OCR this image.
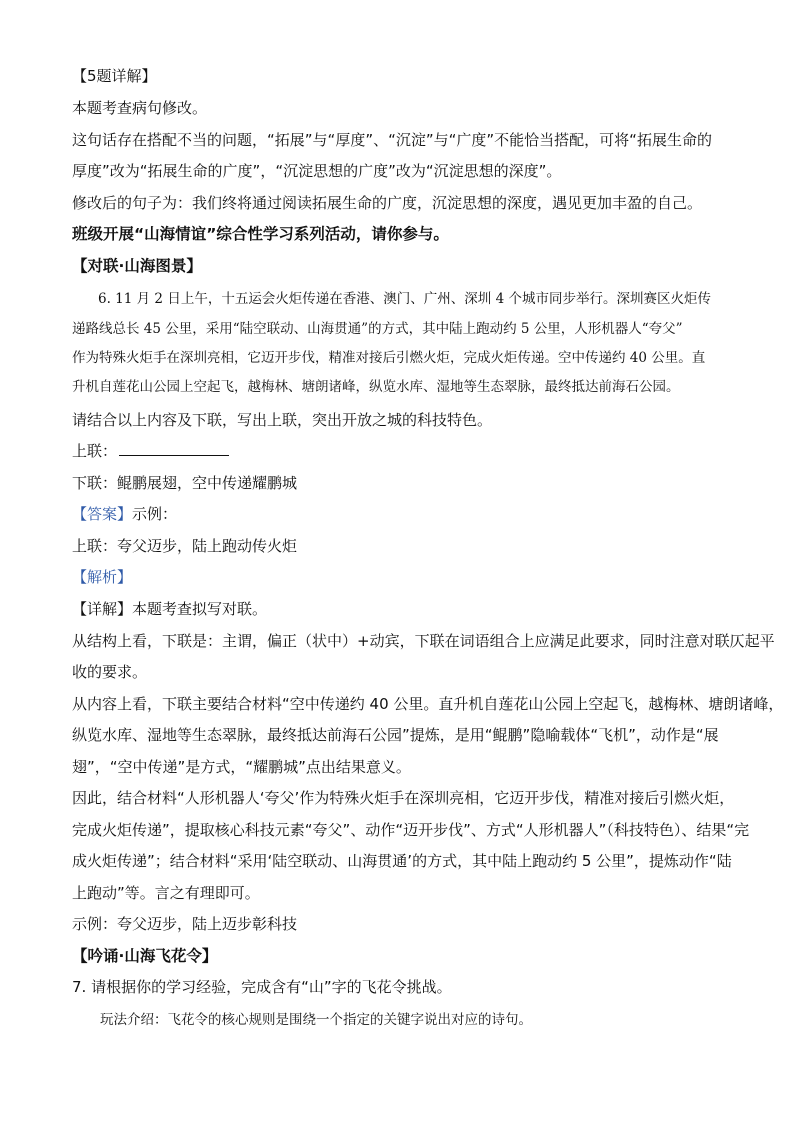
【5题详解】
本题考查病句修改。
这句话存在搭配不当的问题，“拓展”与“厚度”、“沉淀”与“广度”不能恰当搭配，可将“拓展生命的
厚度”改为“拓展生命的广度”，“沉淀思想的广度”改为“沉淀思想的深度”。
修改后的句子为：我们终将通过阅读拓展生命的广度，沉淀思想的深度，遇见更加丰盈的自己。
班级开展“山海情谊”综合性学习系列活动，请你参与。
【对联·山海图景】
6. 11 月 2 日上午，十五运会火炬传递在香港、澳门、广州、深圳 4 个城市同步举行。深圳赛区火炬传
递路线总长 45 公里，采用“陆空联动、山海贯通”的方式，其中陆上跑动约 5 公里，人形机器人“夸父”
作为特殊火炬手在深圳亮相，它迈开步伐，精准对接后引燃火炬，完成火炬传递。空中传递约 40 公里。直
升机自莲花山公园上空起飞，越梅林、塘朗诸峰，纵览水库、湿地等生态翠脉，最终抵达前海石公园。
请结合以上内容及下联，写出上联，突出开放之城的科技特色。
上联：
下联：鲲鹏展翅，空中传递耀鹏城
【答案】示例：
上联：夸父迈步，陆上跑动传火炬
【解析】
【详解】本题考查拟写对联。
从结构上看，下联是：主谓，偏正（状中）+动宾，下联在词语组合上应满足此要求，同时注意对联仄起平
收的要求。
从内容上看，下联主要结合材料“空中传递约 40 公里。直升机自莲花山公园上空起飞，越梅林、塘朗诸峰，
纵览水库、湿地等生态翠脉，最终抵达前海石公园”提炼，是用“鲲鹏”隐喻载体“飞机”，动作是“展
翅”，“空中传递”是方式，“耀鹏城”点出结果意义。
因此，结合材料“人形机器人‘夸父’作为特殊火炬手在深圳亮相，它迈开步伐，精准对接后引燃火炬，
完成火炬传递”，提取核心科技元素“夸父”、动作“迈开步伐”、方式“人形机器人”（科技特色）、结果“完
成火炬传递”；结合材料“采用‘陆空联动、山海贯通’的方式，其中陆上跑动约 5 公里”，提炼动作“陆
上跑动”等。言之有理即可。
示例：夸父迈步，陆上迈步彰科技
【吟诵·山海飞花令】
7. 请根据你的学习经验，完成含有“山”字的飞花令挑战。
玩法介绍：飞花令的核心规则是围绕一个指定的关键字说出对应的诗句。
